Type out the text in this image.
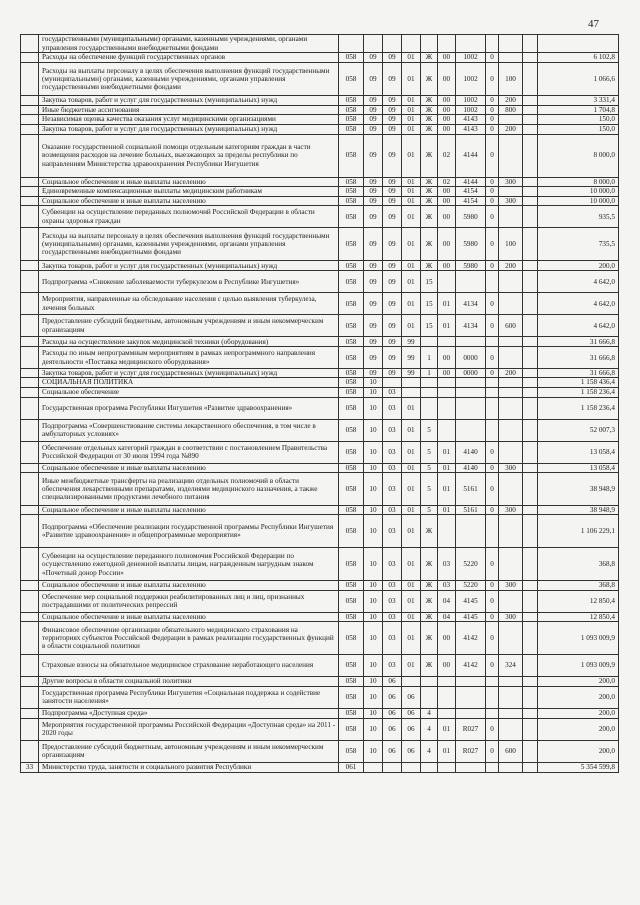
47
	государственными (муниципальными) органами, казенными учреждениями, органами управления государственными внебюджетными фондами											
	Расходы на обеспечение функций государственных органов	058	09	09	01	Ж	00	1002	0			6 102,8
	Расходы на выплаты персоналу в целях обеспечения выполнения функций государственными (муниципальными) органами, казенными учреждениями, органами управления государственными внебюджетными фондами	058	09	09	01	Ж	00	1002	0	100		1 066,6
	Закупка товаров, работ и услуг для государственных (муниципальных) нужд	058	09	09	01	Ж	00	1002	0	200		3 331,4
	Иные бюджетные ассигнования	058	09	09	01	Ж	00	1002	0	800		1 704,8
	Независимая оценка качества оказания услуг медицинскими организациями	058	09	09	01	Ж	00	4143	0			150,0
	Закупка товаров, работ и услуг для государственных (муниципальных) нужд	058	09	09	01	Ж	00	4143	0	200		150,0
	Оказание государственной социальной помощи отдельным категориям граждан в части возмещения расходов на лечение больных, выезжающих за пределы республики по направлениям Министерства здравоохранения Республики Ингушетия	058	09	09	01	Ж	02	4144	0			8 000,0
	Социальное обеспечение и иные выплаты населению	058	09	09	01	Ж	02	4144	0	300		8 000,0
	Единовременные компенсационные выплаты медицинским работникам	058	09	09	01	Ж	00	4154	0			10 000,0
	Социальное обеспечение и иные выплаты населению	058	09	09	01	Ж	00	4154	0	300		10 000,0
	Субвенции на осуществление переданных полномочий Российской Федерации в области охраны здоровья граждан	058	09	09	01	Ж	00	5980	0			935,5
	Расходы на выплаты персоналу в целях обеспечения выполнения функций государственными (муниципальными) органами, казенными учреждениями, органами управления государственными внебюджетными фондами	058	09	09	01	Ж	00	5980	0	100		735,5
	Закупка товаров, работ и услуг для государственных (муниципальных) нужд	058	09	09	01	Ж	00	5980	0	200		200,0
	Подпрограмма «Снижение заболеваемости туберкулезом в Республике Ингушетия»	058	09	09	01	15						4 642,0
	Мероприятия, направленные на обследование населения с целью выявления туберкулеза, лечения больных	058	09	09	01	15	01	4134	0			4 642,0
	Предоставление субсидий бюджетным, автономным учреждениям и иным некоммерческим организациям	058	09	09	01	15	01	4134	0	600		4 642,0
	Расходы на осуществление закупок медицинской техники (оборудования)	058	09	09	99							31 666,8
	Расходы по иным непрограммным мероприятиям в рамках непрограммного направления деятельности «Поставка медицинского оборудования»	058	09	09	99	1	00	0000	0			31 666,8
	Закупка товаров, работ и услуг для государственных (муниципальных) нужд	058	09	09	99	1	00	0000	0	200		31 666,8
	СОЦИАЛЬНАЯ ПОЛИТИКА	058	10									1 158 436,4
	Социальное обеспечение	058	10	03								1 158 236,4
	Государственная программа Республики Ингушетия «Развитие здравоохранения»	058	10	03	01							1 158 236,4
	Подпрограмма «Совершенствование системы лекарственного обеспечения, в том числе в амбулаторных условиях»	058	10	03	01	5						52 007,3
	Обеспечение отдельных категорий граждан в соответствии с постановлением Правительства Российской Федерации от 30 июля 1994 года №890	058	10	03	01	5	01	4140	0			13 058,4
	Социальное обеспечение и иные выплаты населению	058	10	03	01	5	01	4140	0	300		13 058,4
	Иные межбюджетные трансферты на реализацию отдельных полномочий в области обеспечения лекарственными препаратами, изделиями медицинского назначения, а также специализированными продуктами лечебного питания	058	10	03	01	5	01	5161	0			38 948,9
	Социальное обеспечение и иные выплаты населению	058	10	03	01	5	01	5161	0	300		38 948,9
	Подпрограмма «Обеспечение реализации государственной программы Республики Ингушетия «Развитие здравоохранения» и общепрограммные мероприятия»	058	10	03	01	Ж						1 106 229,1
	Субвенции на осуществление переданного полномочия Российской Федерации по осуществлению ежегодной денежной выплаты лицам, награжденным нагрудным знаком «Почетный донор России»	058	10	03	01	Ж	03	5220	0			368,8
	Социальное обеспечение и иные выплаты населению	058	10	03	01	Ж	03	5220	0	300		368,8
	Обеспечение мер социальной поддержки реабилитированных лиц и лиц, признанных пострадавшими от политических репрессий	058	10	03	01	Ж	04	4145	0			12 850,4
	Социальное обеспечение и иные выплаты населению	058	10	03	01	Ж	04	4145	0	300		12 850,4
	Финансовое обеспечение организации обязательного медицинского страхования на территориях субъектов Российской Федерации в рамках реализации государственных функций в области социальной политики	058	10	03	01	Ж	00	4142	0			1 093 009,9
	Страховые взносы на обязательное медицинское страхование неработающего населения	058	10	03	01	Ж	00	4142	0	324		1 093 009,9
	Другие вопросы в области социальной политики	058	10	06								200,0
	Государственная программа Республики Ингушетия «Социальная поддержка и содействие занятости населения»	058	10	06	06							200,0
	Подпрограмма «Доступная среда»	058	10	06	06	4						200,0
	Мероприятия государственной программы Российской Федерации «Доступная среда» на 2011 - 2020 годы	058	10	06	06	4	01	R027	0			200,0
	Предоставление субсидий бюджетным, автономным учреждениям и иным некоммерческим организациям	058	10	06	06	4	01	R027	0	600		200,0
33	Министерство труда, занятости и социального развития Республики	061										5 354 599,8
